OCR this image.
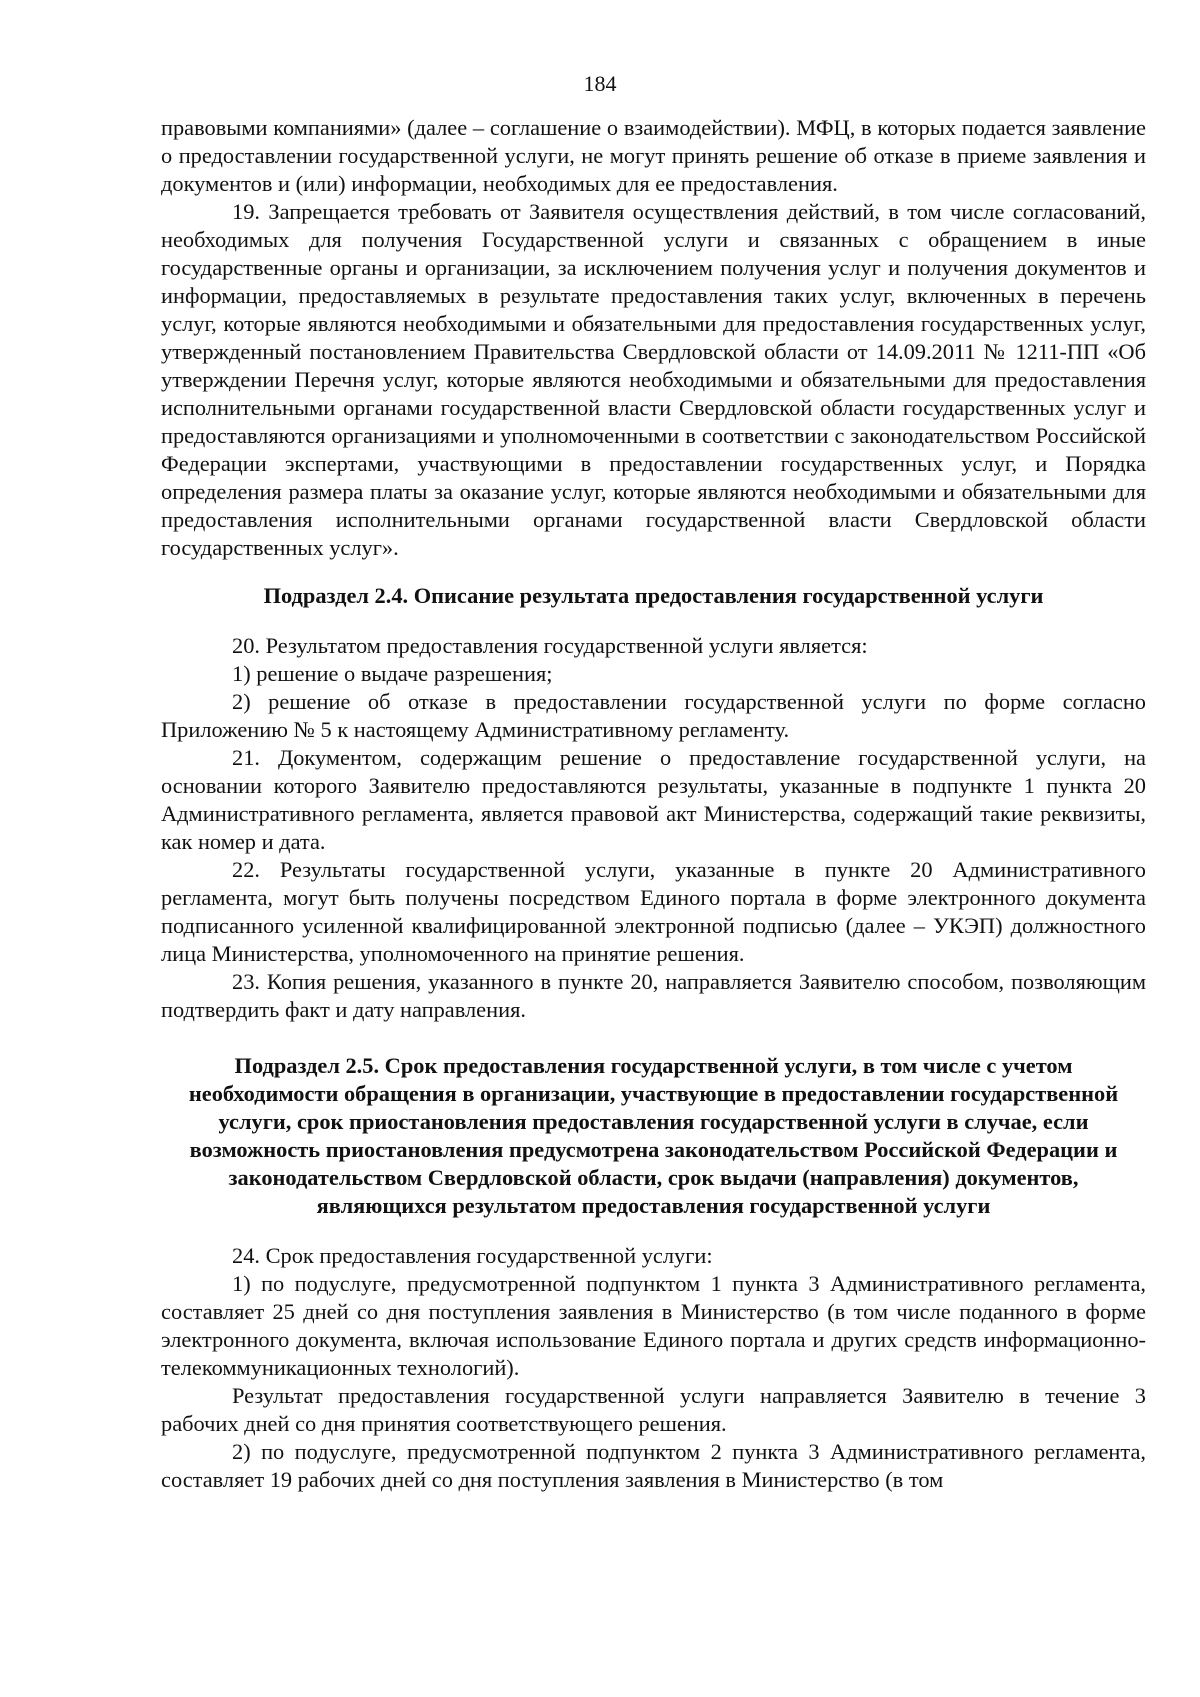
184

правовыми компаниями» (далее – соглашение о взаимодействии). МФЦ, в которых подается заявление о предоставлении государственной услуги, не могут принять решение об отказе в приеме заявления и документов и (или) информации, необходимых для ее предоставления.

19. Запрещается требовать от Заявителя осуществления действий, в том числе согласований, необходимых для получения Государственной услуги и связанных с обращением в иные государственные органы и организации, за исключением получения услуг и получения документов и информации, предоставляемых в результате предоставления таких услуг, включенных в перечень услуг, которые являются необходимыми и обязательными для предоставления государственных услуг, утвержденный постановлением Правительства Свердловской области от 14.09.2011 № 1211-ПП «Об утверждении Перечня услуг, которые являются необходимыми и обязательными для предоставления исполнительными органами государственной власти Свердловской области государственных услуг и предоставляются организациями и уполномоченными в соответствии с законодательством Российской Федерации экспертами, участвующими в предоставлении государственных услуг, и Порядка определения размера платы за оказание услуг, которые являются необходимыми и обязательными для предоставления исполнительными органами государственной власти Свердловской области государственных услуг».

Подраздел 2.4. Описание результата предоставления государственной услуги

20. Результатом предоставления государственной услуги является:

1) решение о выдаче разрешения;

2) решение об отказе в предоставлении государственной услуги по форме согласно Приложению № 5 к настоящему Административному регламенту.

21. Документом, содержащим решение о предоставление государственной услуги, на основании которого Заявителю предоставляются результаты, указанные в подпункте 1 пункта 20 Административного регламента, является правовой акт Министерства, содержащий такие реквизиты, как номер и дата.

22. Результаты государственной услуги, указанные в пункте 20 Административного регламента, могут быть получены посредством Единого портала в форме электронного документа подписанного усиленной квалифицированной электронной подписью (далее – УКЭП) должностного лица Министерства, уполномоченного на принятие решения.

23. Копия решения, указанного в пункте 20, направляется Заявителю способом, позволяющим подтвердить факт и дату направления.

Подраздел 2.5. Срок предоставления государственной услуги, в том числе с учетом необходимости обращения в организации, участвующие в предоставлении государственной услуги, срок приостановления предоставления государственной услуги в случае, если возможность приостановления предусмотрена законодательством Российской Федерации и законодательством Свердловской области, срок выдачи (направления) документов, являющихся результатом предоставления государственной услуги

24. Срок предоставления государственной услуги:

1) по подуслуге, предусмотренной подпунктом 1 пункта 3 Административного регламента, составляет 25 дней со дня поступления заявления в Министерство (в том числе поданного в форме электронного документа, включая использование Единого портала и других средств информационно-телекоммуникационных технологий).

Результат предоставления государственной услуги направляется Заявителю в течение 3 рабочих дней со дня принятия соответствующего решения.

2) по подуслуге, предусмотренной подпунктом 2 пункта 3 Административного регламента, составляет 19 рабочих дней со дня поступления заявления в Министерство (в том
